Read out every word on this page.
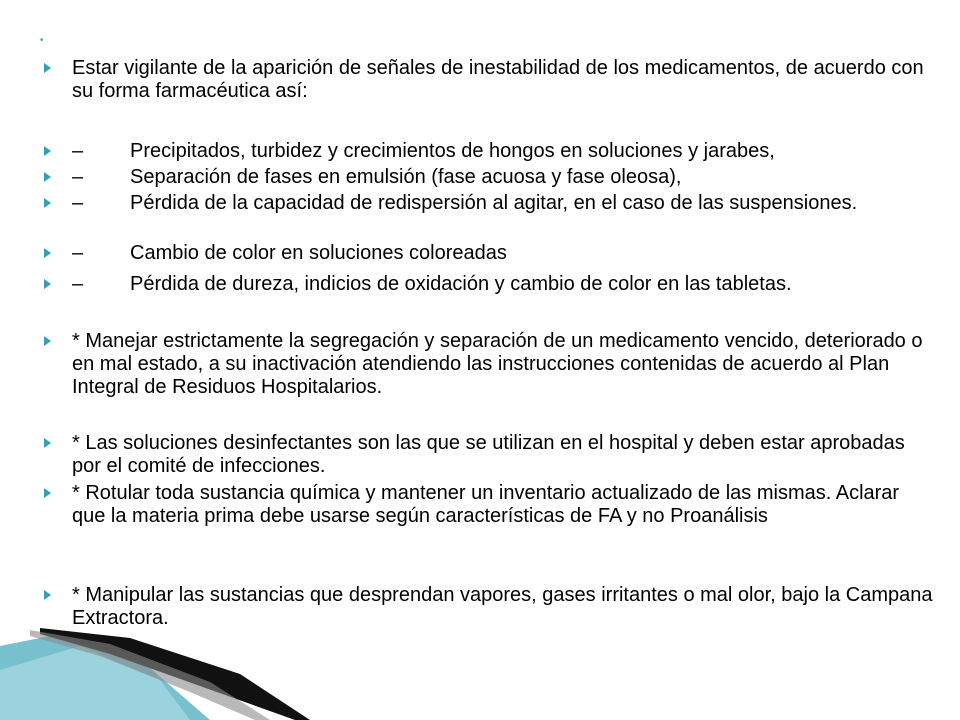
•
Estar vigilante de la aparición de señales de inestabilidad de los medicamentos, de acuerdo con su forma farmacéutica así:
– Precipitados, turbidez y crecimientos de hongos en soluciones y jarabes,
– Separación de fases en emulsión (fase acuosa y fase oleosa),
– Pérdida de la capacidad de redispersión al agitar, en el caso de las suspensiones.
– Cambio de color en soluciones coloreadas
– Pérdida de dureza, indicios de oxidación y cambio de color en las tabletas.
* Manejar estrictamente la segregación y separación de un medicamento vencido, deteriorado o en mal estado, a su inactivación atendiendo las instrucciones contenidas de acuerdo al Plan Integral de Residuos Hospitalarios.
* Las soluciones desinfectantes son las que se utilizan en el hospital y deben estar aprobadas por el comité de infecciones.
* Rotular toda sustancia química y mantener un inventario actualizado de las mismas. Aclarar que la materia prima debe usarse según características de FA y no Proanálisis
* Manipular las sustancias que desprendan vapores, gases irritantes o mal olor, bajo la Campana Extractora.
